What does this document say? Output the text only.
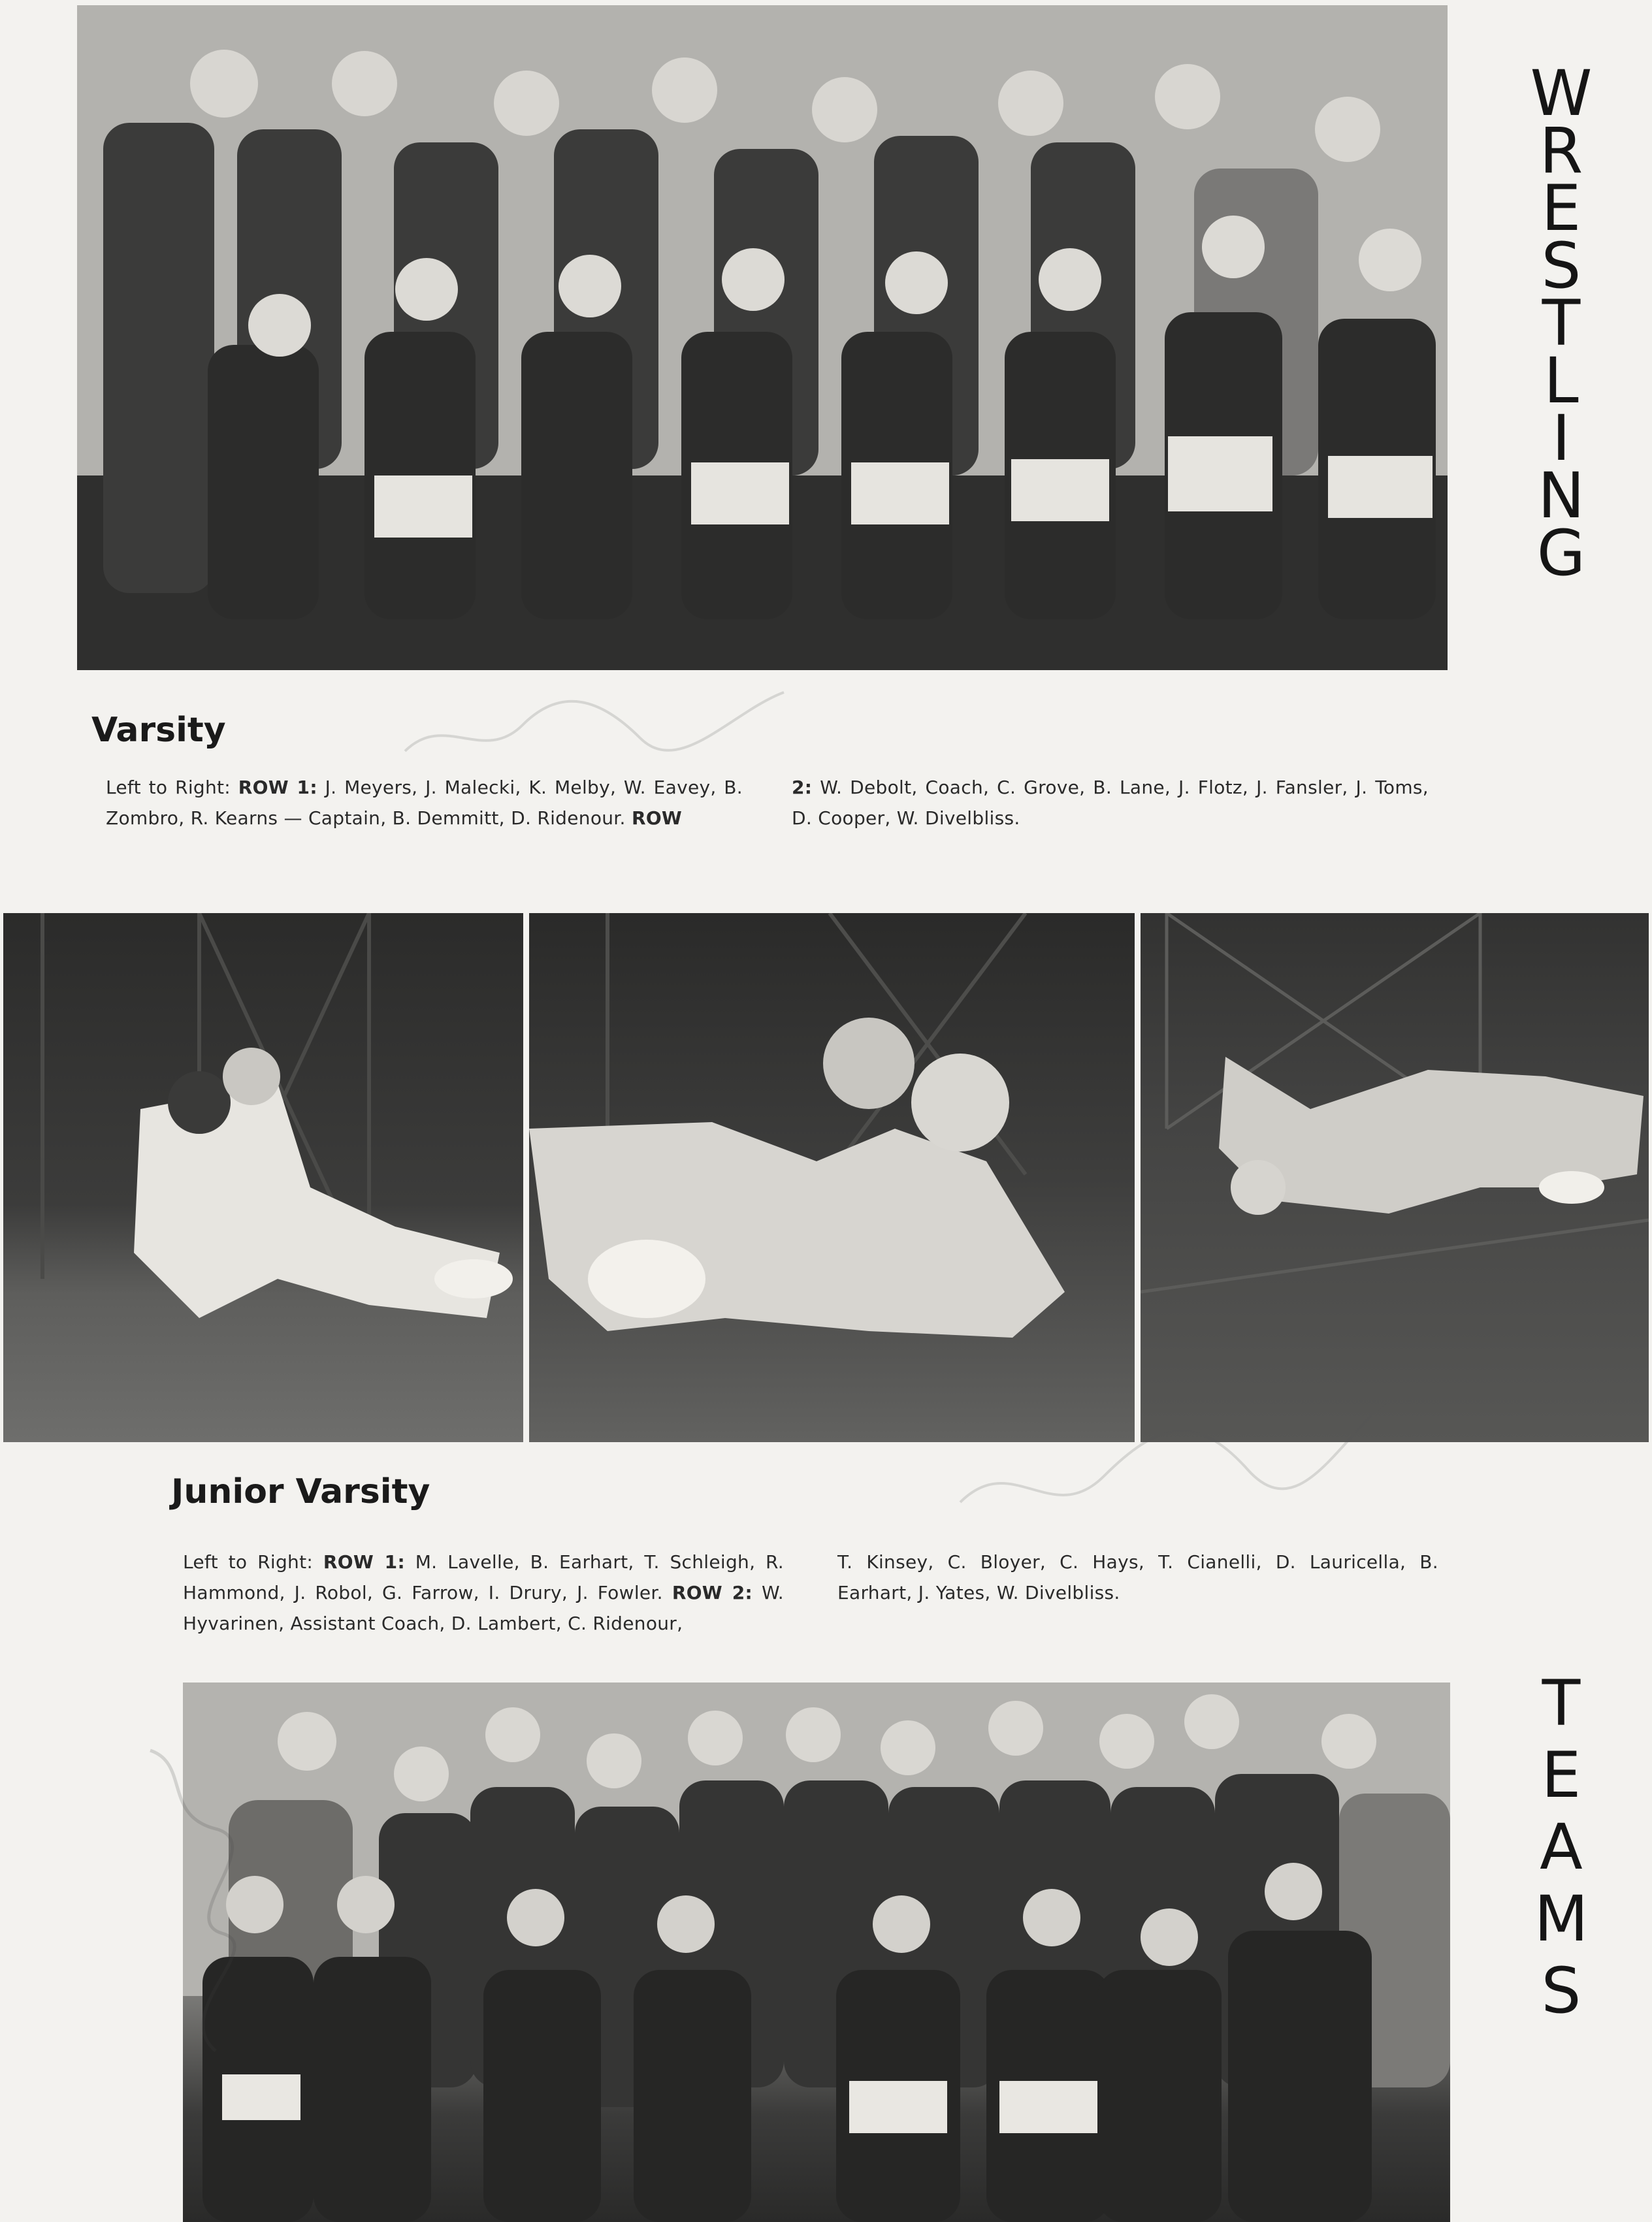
W
R
E
S
T
L
I
N
G
Varsity
Left to Right: ROW 1: J. Meyers, J. Malecki, K. Melby, W. Eavey, B. Zombro, R. Kearns — Captain, B. Demmitt, D. Ridenour. ROW
2: W. Debolt, Coach, C. Grove, B. Lane, J. Flotz, J. Fansler, J. Toms, D. Cooper, W. Divelbliss.
Junior Varsity
Left to Right: ROW 1: M. Lavelle, B. Earhart, T. Schleigh, R. Hammond, J. Robol, G. Farrow, I. Drury, J. Fowler. ROW 2: W. Hyvarinen, Assistant Coach, D. Lambert, C. Ridenour,
T. Kinsey, C. Bloyer, C. Hays, T. Cianelli, D. Lauricella, B. Earhart, J. Yates, W. Divelbliss.
T
E
A
M
S
